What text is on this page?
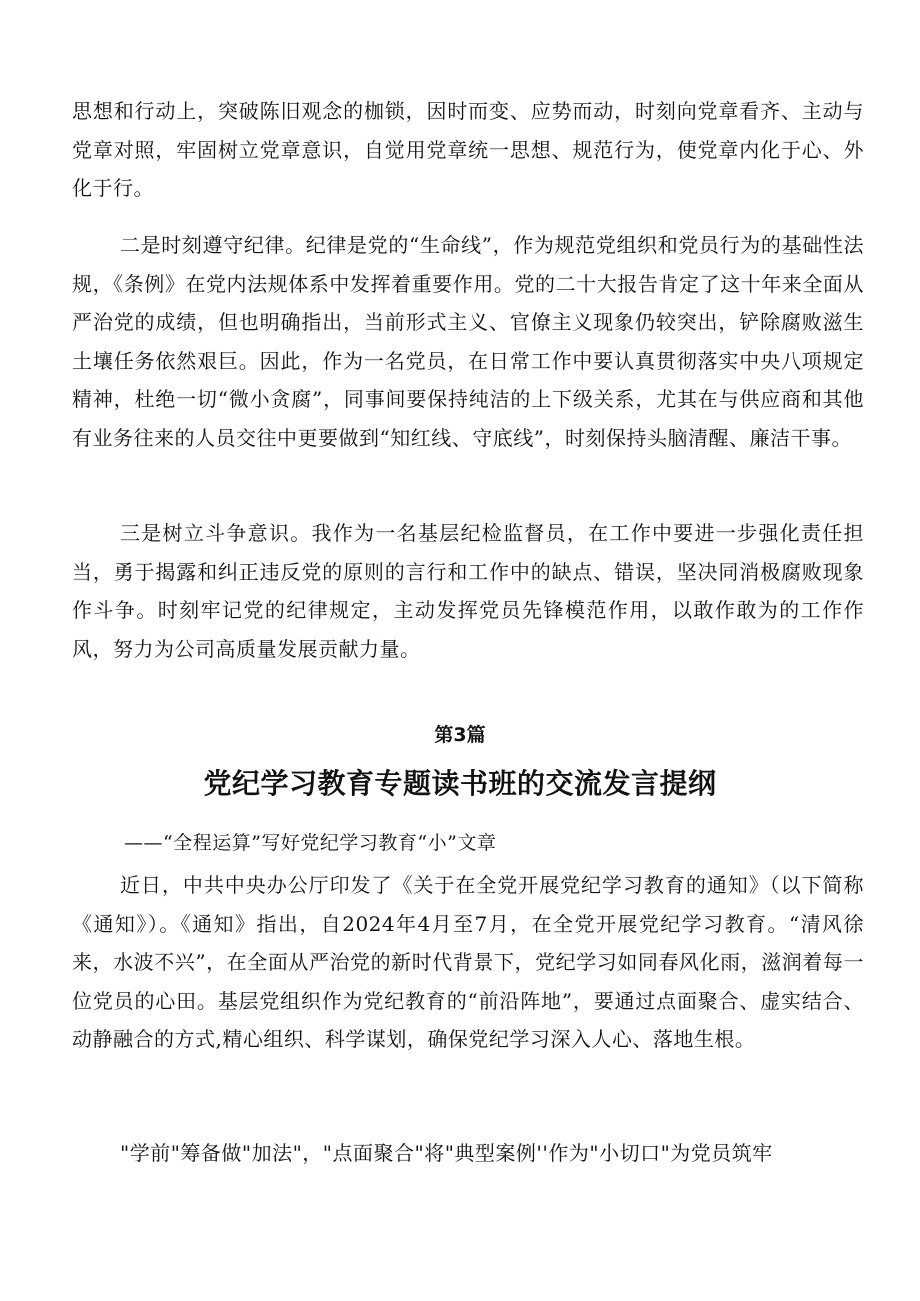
思想和行动上，突破陈旧观念的枷锁，因时而变、应势而动，时刻向党章看齐、主动与党章对照，牢固树立党章意识，自觉用党章统一思想、规范行为，使党章内化于心、外化于行。

二是时刻遵守纪律。纪律是党的“生命线”，作为规范党组织和党员行为的基础性法规，《条例》在党内法规体系中发挥着重要作用。党的二十大报告肯定了这十年来全面从严治党的成绩，但也明确指出，当前形式主义、官僚主义现象仍较突出，铲除腐败滋生土壤任务依然艰巨。因此，作为一名党员，在日常工作中要认真贯彻落实中央八项规定精神，杜绝一切“微小贪腐”，同事间要保持纯洁的上下级关系，尤其在与供应商和其他有业务往来的人员交往中更要做到“知红线、守底线”，时刻保持头脑清醒、廉洁干事。

三是树立斗争意识。我作为一名基层纪检监督员，在工作中要进一步强化责任担当，勇于揭露和纠正违反党的原则的言行和工作中的缺点、错误，坚决同消极腐败现象作斗争。时刻牢记党的纪律规定，主动发挥党员先锋模范作用，以敢作敢为的工作作风，努力为公司高质量发展贡献力量。

第3篇

党纪学习教育专题读书班的交流发言提纲

——“全程运算”写好党纪学习教育“小”文章

近日，中共中央办公厅印发了《关于在全党开展党纪学习教育的通知》（以下简称《通知》）。《通知》指出，自2024年4月至7月，在全党开展党纪学习教育。“清风徐来，水波不兴”，在全面从严治党的新时代背景下，党纪学习如同春风化雨，滋润着每一位党员的心田。基层党组织作为党纪教育的“前沿阵地”，要通过点面聚合、虚实结合、动静融合的方式,精心组织、科学谋划，确保党纪学习深入人心、落地生根。

"学前"筹备做"加法"，"点面聚合"将"典型案例''作为"小切口"为党员筑牢
